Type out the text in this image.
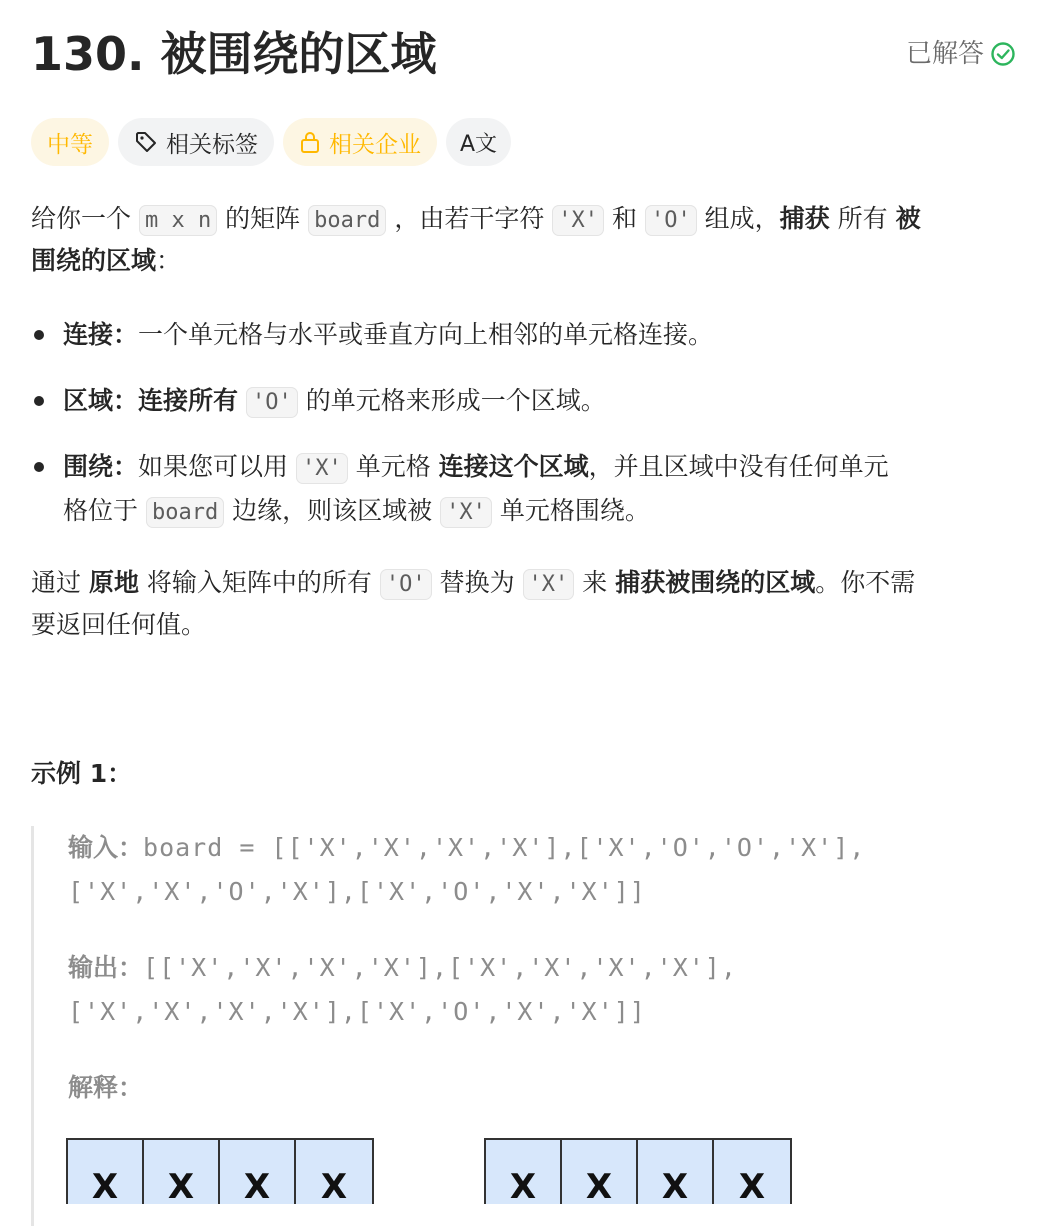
130. 被围绕的区域	已解答
中等	相关标签	相关企业 A文
给你一个 m x n 的矩阵 board ，由若干字符 'X' 和 'O' 组成，捕获 所有 被
围绕的区域：
连接：一个单元格与水平或垂直方向上相邻的单元格连接。
区域：连接所有 'O' 的单元格来形成一个区域。
围绕：如果您可以用 'X' 单元格 连接这个区域，并且区域中没有任何单元
格位于 board 边缘，则该区域被 'X' 单元格围绕。
通过 原地 将输入矩阵中的所有 'O' 替换为 'X' 来 捕获被围绕的区域。你不需
要返回任何值。
示例 1：
输入：board = [['X','X','X','X'],['X','O','O','X'],
['X','X','O','X'],['X','O','X','X']]
输出：[['X','X','X','X'],['X','X','X','X'],
['X','X','X','X'],['X','O','X','X']]
解释：
X	X	X	X	X	X	X	X
